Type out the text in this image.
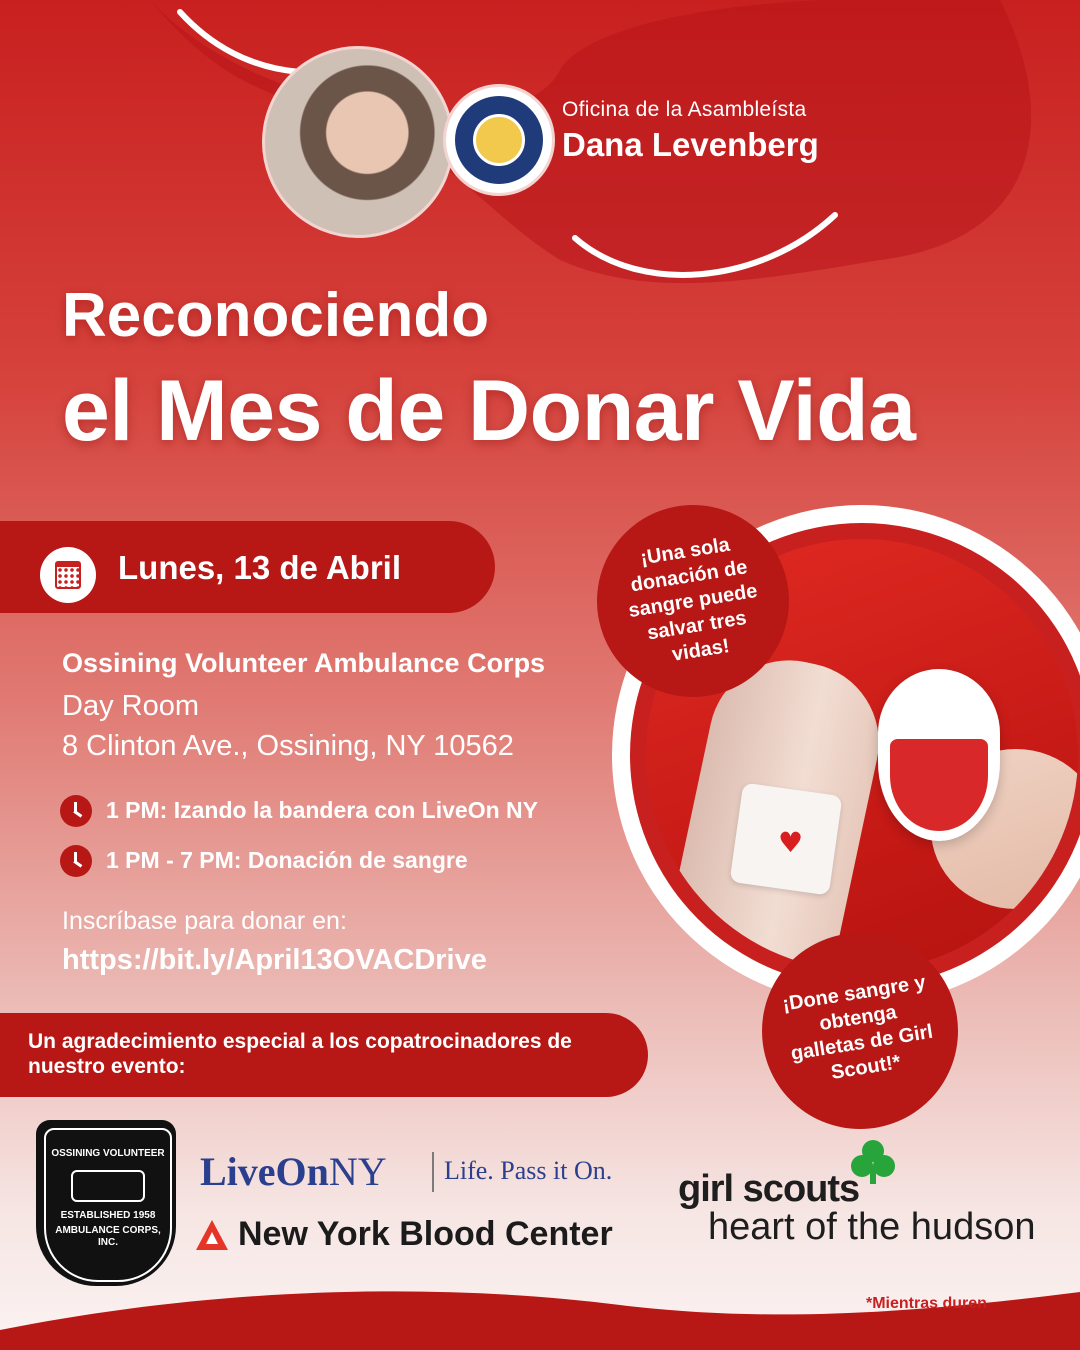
Oficina de la Asambleísta
Dana Levenberg
Reconociendo
el Mes de Donar Vida
Lunes, 13 de Abril
Ossining Volunteer Ambulance Corps
Day Room
8 Clinton Ave., Ossining, NY 10562
1 PM: Izando la bandera con LiveOn NY
1 PM - 7 PM: Donación de sangre
Inscríbase para donar en:
https://bit.ly/April13OVACDrive
Un agradecimiento especial a los copatrocinadores de nuestro evento:
♥
¡Una sola donación de sangre puede salvar tres vidas!
¡Done sangre y obtenga galletas de Girl Scout!*
OSSINING VOLUNTEER
ESTABLISHED 1958
AMBULANCE CORPS, INC.
LiveOnNY Life. Pass it On.
New York Blood Center
girl scouts
heart of the hudson
*Mientras duren
